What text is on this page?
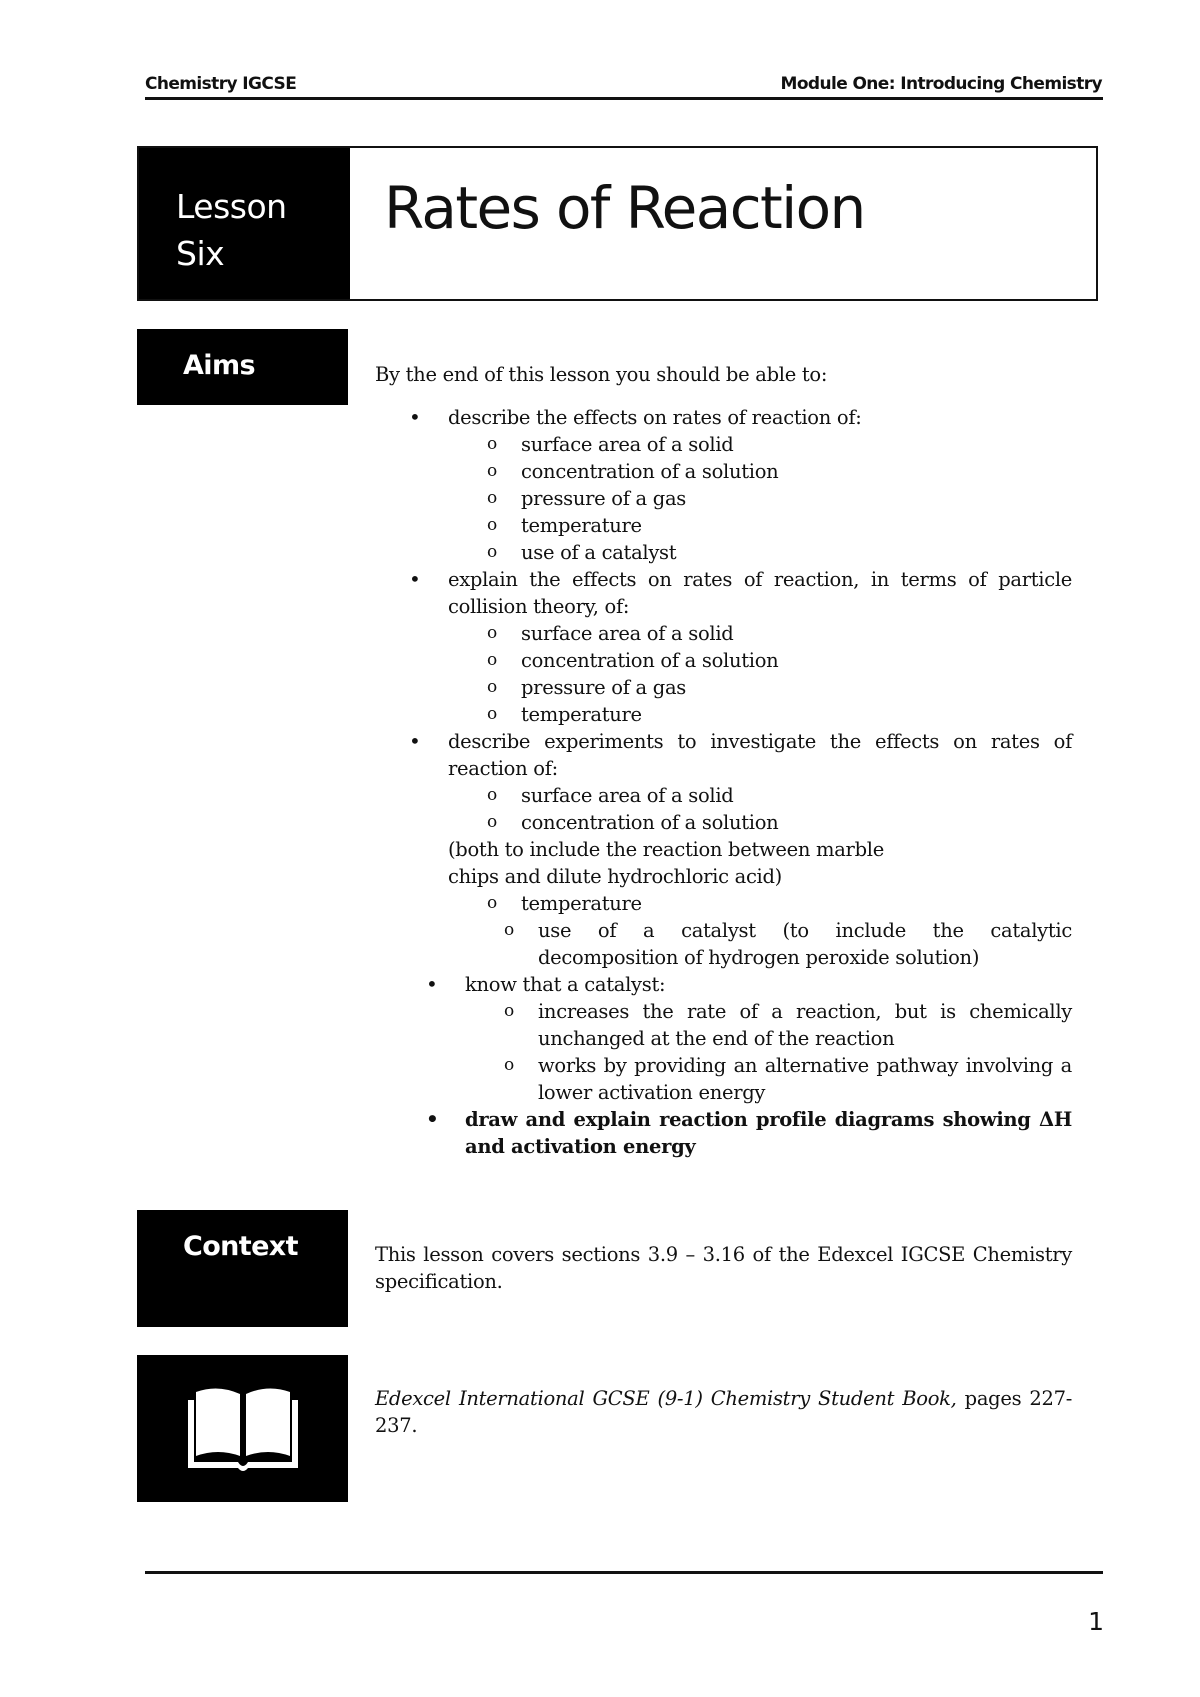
Chemistry IGCSE	Module One: Introducing Chemistry
Lesson
Six
Rates of Reaction
Aims	By the end of this lesson you should be able to:
• describe the effects on rates of reaction of:
o surface area of a solid
o concentration of a solution
o pressure of a gas
o temperature
o use of a catalyst
• explain the effects on rates of reaction, in terms of particle collision theory, of:
o surface area of a solid
o concentration of a solution
o pressure of a gas
o temperature
• describe experiments to investigate the effects on rates of reaction of:
o surface area of a solid
o concentration of a solution
(both to include the reaction between marble
chips and dilute hydrochloric acid)
o temperature
o use of a catalyst (to include the catalytic decomposition of hydrogen peroxide solution)
• know that a catalyst:
o increases the rate of a reaction, but is chemically unchanged at the end of the reaction
o works by providing an alternative pathway involving a lower activation energy
• draw and explain reaction profile diagrams showing ΔH and activation energy
Context	This lesson covers sections 3.9 – 3.16 of the Edexcel IGCSE Chemistry specification.
Edexcel International GCSE (9-1) Chemistry Student Book, pages 227-237.
1
